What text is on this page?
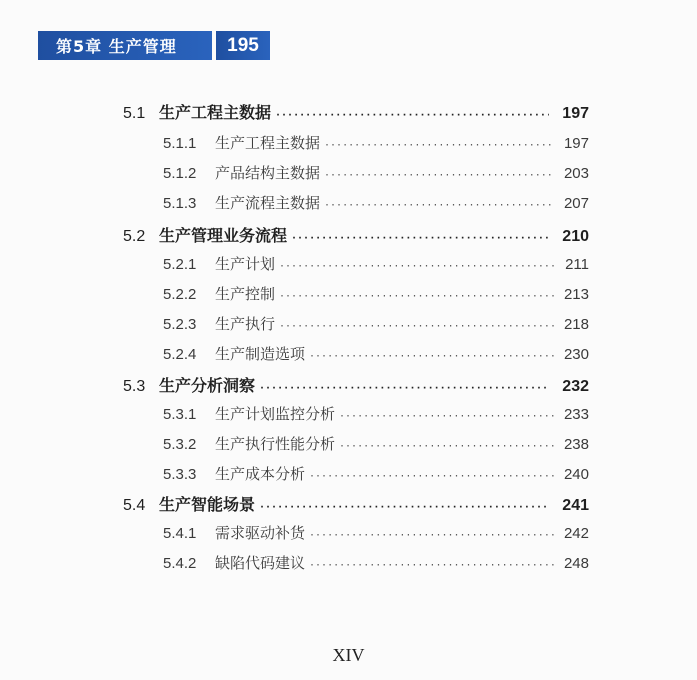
第5章 生产管理	195
5.1 生产工程主数据 ·····	197
5.1.1	生产工程主数据 ·····	197
5.1.2	产品结构主数据 ·····	203
5.1.3	生产流程主数据 ·····	207
5.2 生产管理业务流程 ·····	210
5.2.1	生产计划 ·····	211
5.2.2	生产控制 ·····	213
5.2.3	生产执行 ·····	218
5.2.4	生产制造选项 ·····	230
5.3 生产分析洞察 ·····	232
5.3.1	生产计划监控分析 ·····	233
5.3.2	生产执行性能分析 ·····	238
5.3.3	生产成本分析 ·····	240
5.4 生产智能场景 ·····	241
5.4.1	需求驱动补货 ·····	242
5.4.2	缺陷代码建议 ·····	248
XIV
